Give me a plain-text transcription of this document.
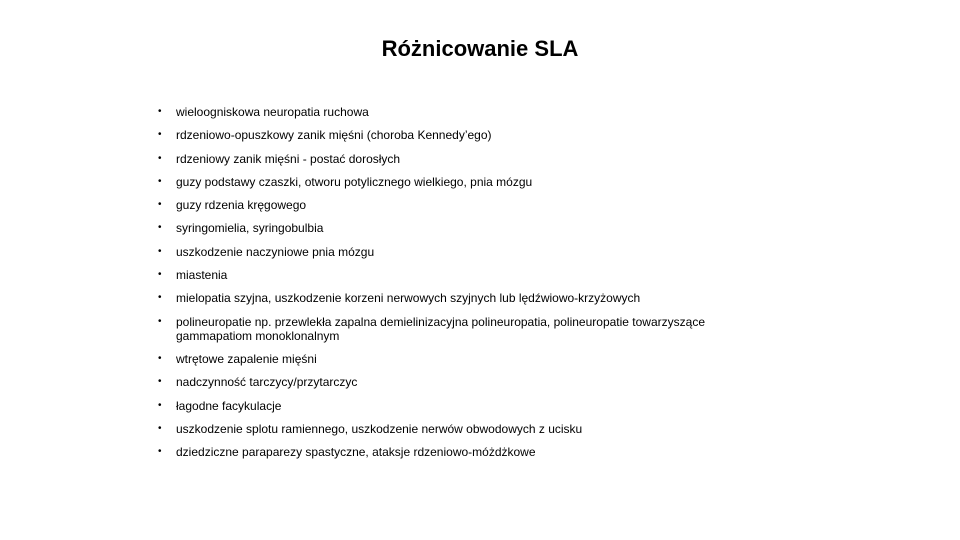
Różnicowanie SLA
• wieloogniskowa neuropatia ruchowa
• rdzeniowo-opuszkowy zanik mięśni (choroba Kennedy’ego)
• rdzeniowy zanik mięśni - postać dorosłych
• guzy podstawy czaszki, otworu potylicznego wielkiego, pnia mózgu
• guzy rdzenia kręgowego
• syringomielia, syringobulbia
• uszkodzenie naczyniowe pnia mózgu
• miastenia
• mielopatia szyjna, uszkodzenie korzeni nerwowych szyjnych lub lędźwiowo-krzyżowych
• polineuropatie np. przewlekła zapalna demielinizacyjna polineuropatia, polineuropatie towarzyszące gammapatiom monoklonalnym
• wtrętowe zapalenie mięśni
• nadczynność tarczycy/przytarczyc
• łagodne facykulacje
• uszkodzenie splotu ramiennego, uszkodzenie nerwów obwodowych z ucisku
• dziedziczne paraparezy spastyczne, ataksje rdzeniowo-móżdżkowe
